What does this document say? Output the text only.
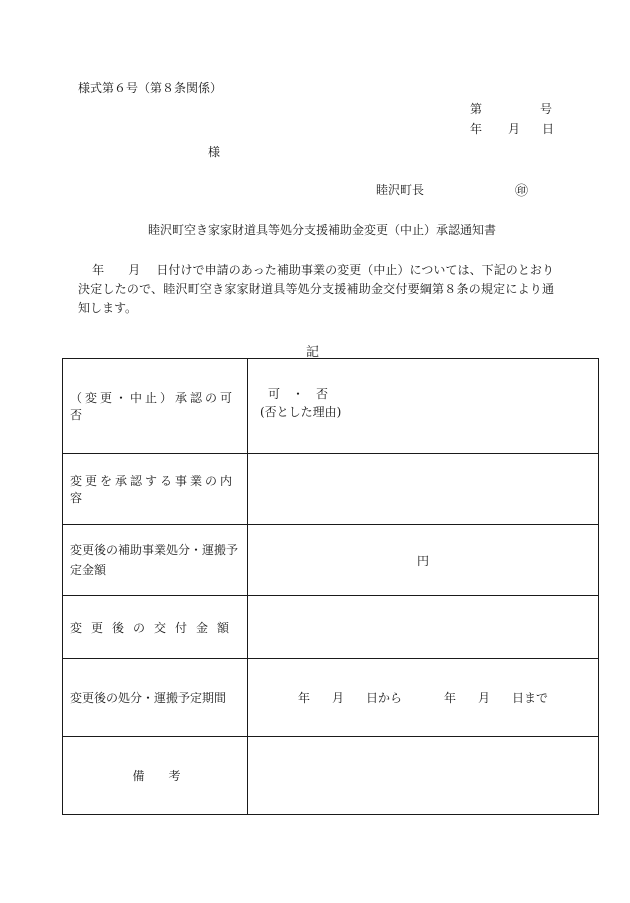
様式第６号（第８条関係）
第	号
年 月 日
様
睦沢町長	㊞
睦沢町空き家家財道具等処分支援補助金変更（中止）承認通知書
年 月 日付けで申請のあった補助事業の変更（中止）については、下記のとおり決定したので、睦沢町空き家家財道具等処分支援補助金交付要綱第８条の規定により通知します。
記
（変更・中止）承認の可否	可　・　否
(否とした理由)

変更を承認する事業の内容	
変更後の補助事業処分・運搬予定金額	円
変更後の交付金額	
変更後の処分・運搬予定期間	年 月 日から 年 月 日まで
備　　考	
